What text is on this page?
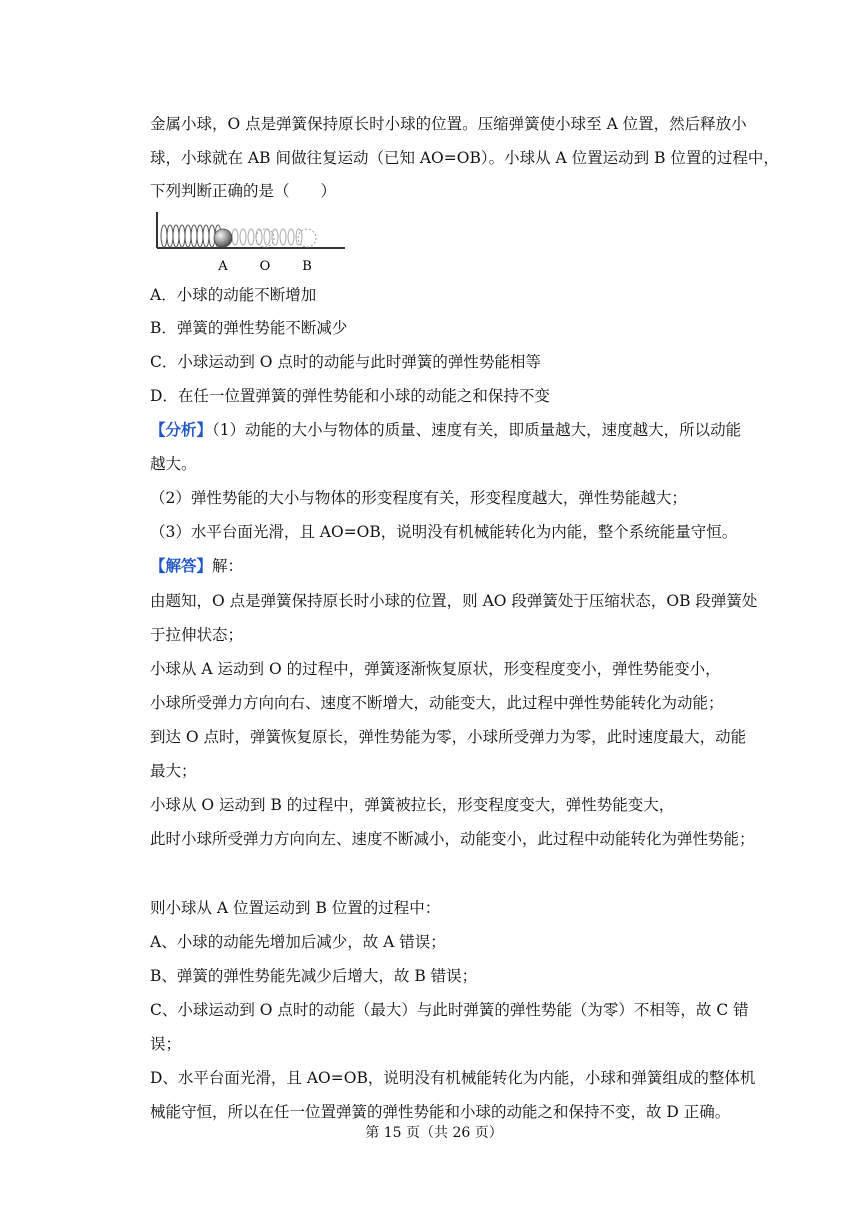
金属小球，O 点是弹簧保持原长时小球的位置。压缩弹簧使小球至 A 位置，然后释放小
球，小球就在 AB 间做往复运动（已知 AO=OB）。小球从 A 位置运动到 B 位置的过程中，
下列判断正确的是（　　）
A O B
A．小球的动能不断增加
B．弹簧的弹性势能不断减少
C．小球运动到 O 点时的动能与此时弹簧的弹性势能相等
D．在任一位置弹簧的弹性势能和小球的动能之和保持不变
【分析】（1）动能的大小与物体的质量、速度有关，即质量越大，速度越大，所以动能
越大。
（2）弹性势能的大小与物体的形变程度有关，形变程度越大，弹性势能越大；
（3）水平台面光滑，且 AO=OB，说明没有机械能转化为内能，整个系统能量守恒。
【解答】解：
由题知，O 点是弹簧保持原长时小球的位置，则 AO 段弹簧处于压缩状态，OB 段弹簧处
于拉伸状态；
小球从 A 运动到 O 的过程中，弹簧逐渐恢复原状，形变程度变小，弹性势能变小，
小球所受弹力方向向右、速度不断增大，动能变大，此过程中弹性势能转化为动能；
到达 O 点时，弹簧恢复原长，弹性势能为零，小球所受弹力为零，此时速度最大，动能
最大；
小球从 O 运动到 B 的过程中，弹簧被拉长，形变程度变大，弹性势能变大，
此时小球所受弹力方向向左、速度不断减小，动能变小，此过程中动能转化为弹性势能；
则小球从 A 位置运动到 B 位置的过程中：
A、小球的动能先增加后减少，故 A 错误；
B、弹簧的弹性势能先减少后增大，故 B 错误；
C、小球运动到 O 点时的动能（最大）与此时弹簧的弹性势能（为零）不相等，故 C 错
误；
D、水平台面光滑，且 AO=OB，说明没有机械能转化为内能，小球和弹簧组成的整体机
械能守恒，所以在任一位置弹簧的弹性势能和小球的动能之和保持不变，故 D 正确。
第 15 页（共 26 页）
